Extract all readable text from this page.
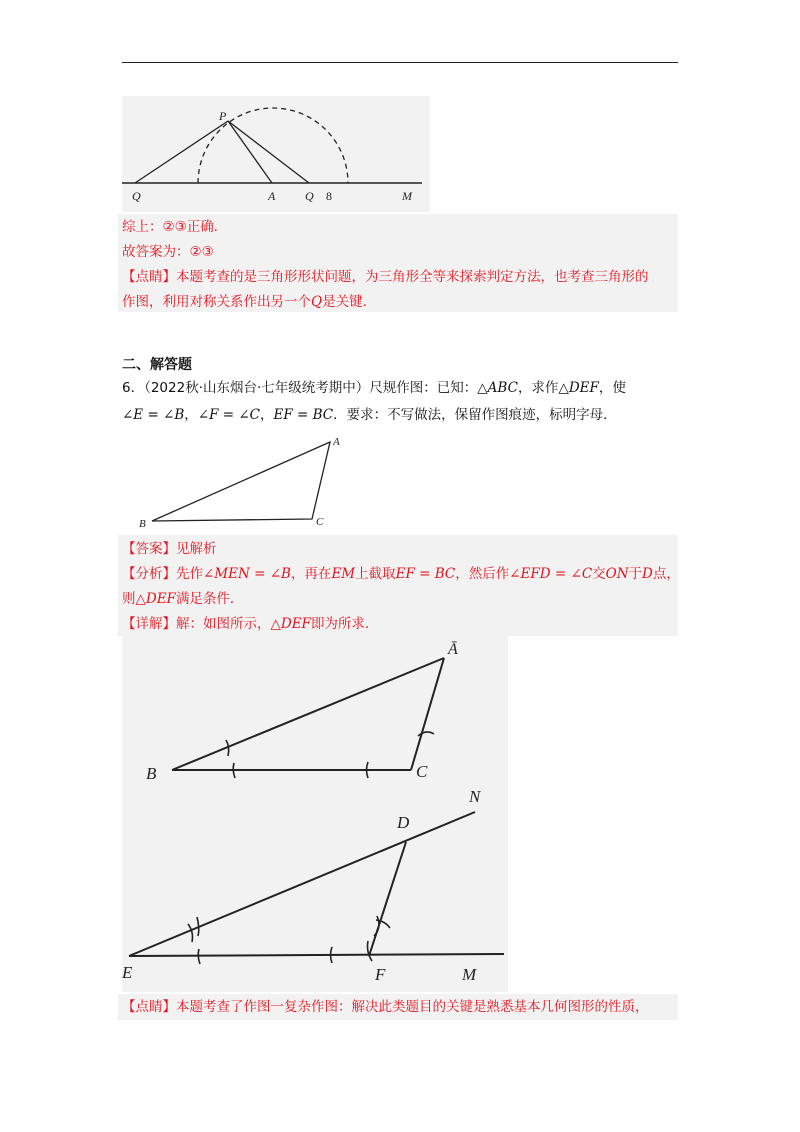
P
Q	A Q 8	M
综上：②③正确．
故答案为：②③
【点睛】本题考查的是三角形形状问题，为三角形全等来探索判定方法，也考查三角形的
作图，利用对称关系作出另一个Q是关键．
二、解答题
6．（2022秋·山东烟台·七年级统考期中）尺规作图：已知：△ABC，求作△DEF，使
∠E = ∠B，∠F = ∠C，EF = BC．要求：不写做法，保留作图痕迹，标明字母．
A
B	C
【答案】见解析
【分析】先作∠MEN = ∠B，再在EM上截取EF = BC，然后作∠EFD = ∠C交ON于D点，
则△DEF满足条件．
【详解】解：如图所示，△DEF即为所求．
Ā
B	C
N
D
E	F	M
【点睛】本题考查了作图一复杂作图：解决此类题目的关键是熟悉基本几何图形的性质，
